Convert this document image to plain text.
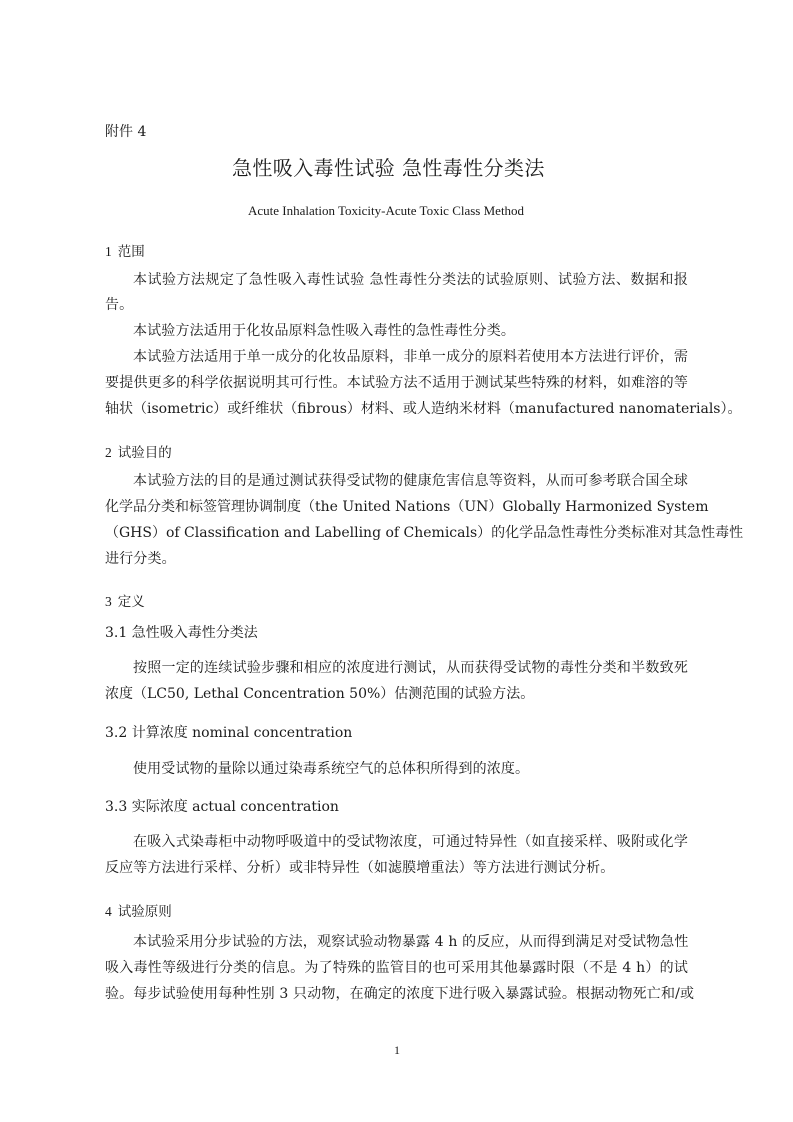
附件 4
急性吸入毒性试验 急性毒性分类法
Acute Inhalation Toxicity-Acute Toxic Class Method
1 范围
本试验方法规定了急性吸入毒性试验 急性毒性分类法的试验原则、试验方法、数据和报
告。
本试验方法适用于化妆品原料急性吸入毒性的急性毒性分类。
本试验方法适用于单一成分的化妆品原料，非单一成分的原料若使用本方法进行评价，需
要提供更多的科学依据说明其可行性。本试验方法不适用于测试某些特殊的材料，如难溶的等
轴状（isometric）或纤维状（fibrous）材料、或人造纳米材料（manufactured nanomaterials）。
2 试验目的
本试验方法的目的是通过测试获得受试物的健康危害信息等资料，从而可参考联合国全球
化学品分类和标签管理协调制度（the United Nations（UN）Globally Harmonized System
（GHS）of Classification and Labelling of Chemicals）的化学品急性毒性分类标准对其急性毒性
进行分类。
3 定义
3.1 急性吸入毒性分类法
按照一定的连续试验步骤和相应的浓度进行测试，从而获得受试物的毒性分类和半数致死
浓度（LC50, Lethal Concentration 50%）估测范围的试验方法。
3.2 计算浓度 nominal concentration
使用受试物的量除以通过染毒系统空气的总体积所得到的浓度。
3.3 实际浓度 actual concentration
在吸入式染毒柜中动物呼吸道中的受试物浓度，可通过特异性（如直接采样、吸附或化学
反应等方法进行采样、分析）或非特异性（如滤膜增重法）等方法进行测试分析。
4 试验原则
本试验采用分步试验的方法，观察试验动物暴露 4 h 的反应，从而得到满足对受试物急性
吸入毒性等级进行分类的信息。为了特殊的监管目的也可采用其他暴露时限（不是 4 h）的试
验。每步试验使用每种性别 3 只动物，在确定的浓度下进行吸入暴露试验。根据动物死亡和/或
1
